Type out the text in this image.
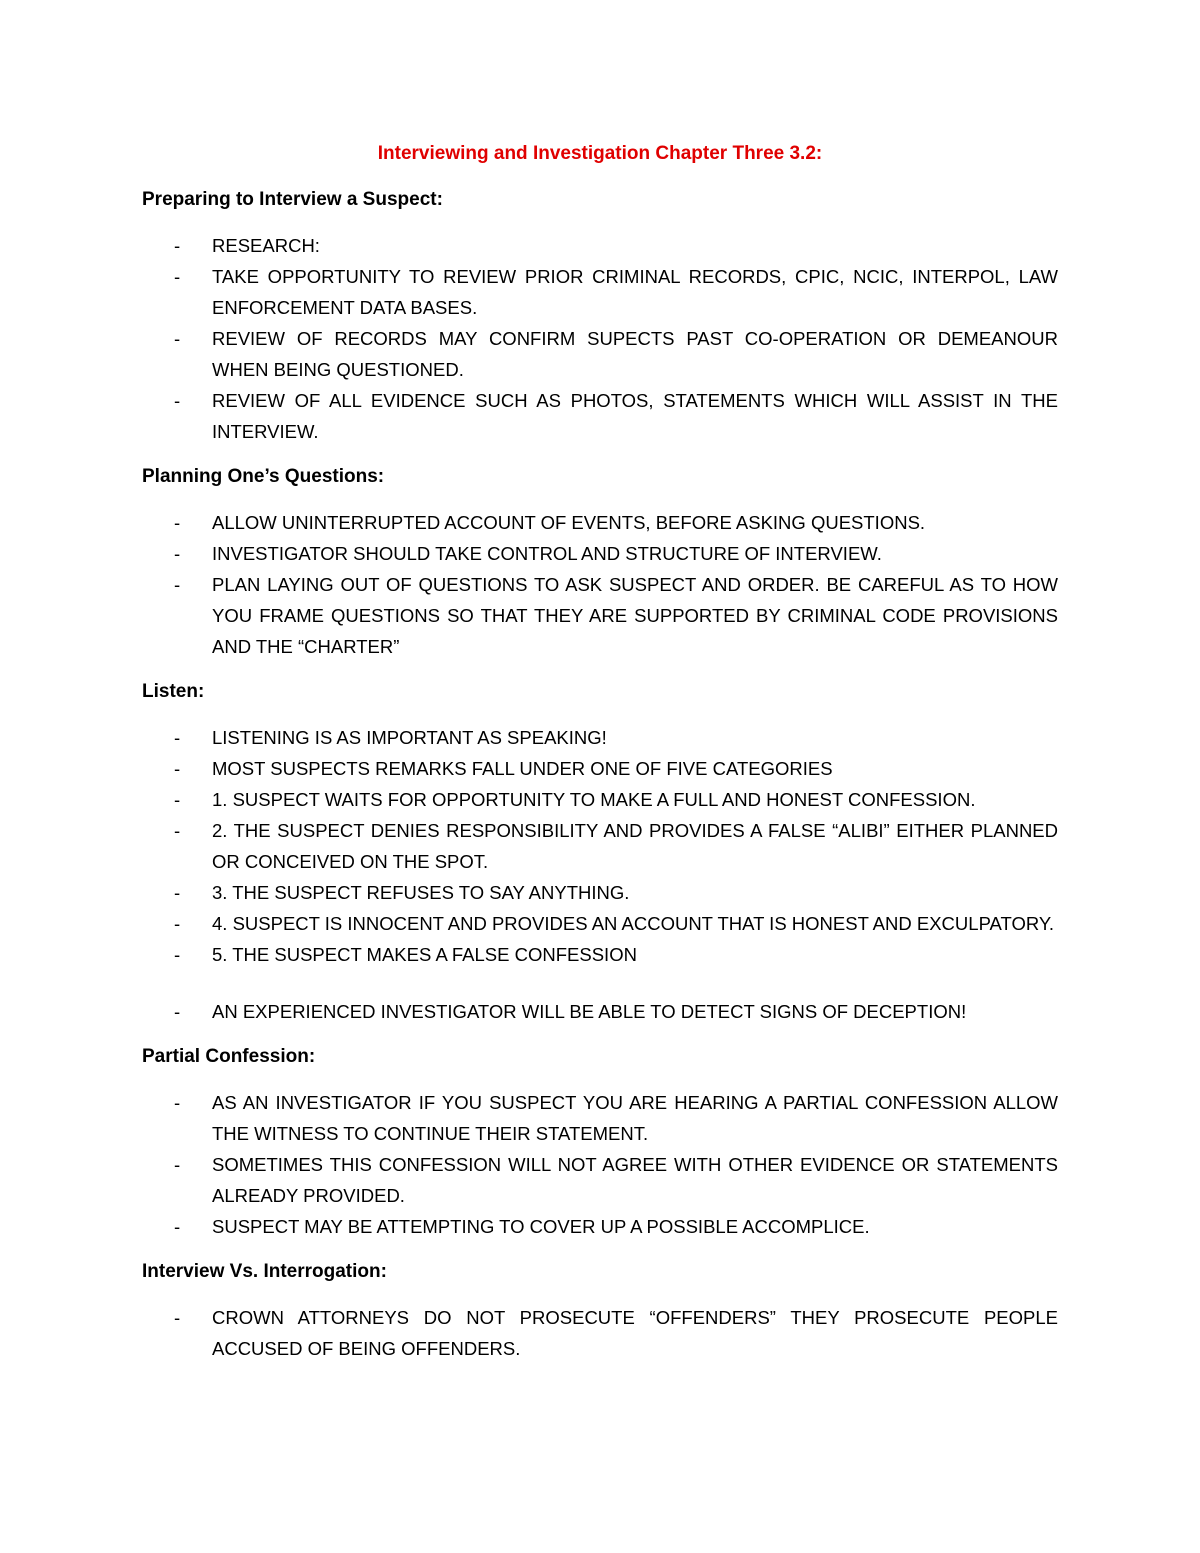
Interviewing and Investigation Chapter Three 3.2:
Preparing to Interview a Suspect:
- RESEARCH:
- TAKE OPPORTUNITY TO REVIEW PRIOR CRIMINAL RECORDS, CPIC, NCIC, INTERPOL, LAW ENFORCEMENT DATA BASES.
- REVIEW OF RECORDS MAY CONFIRM SUPECTS PAST CO-OPERATION OR DEMEANOUR WHEN BEING QUESTIONED.
- REVIEW OF ALL EVIDENCE SUCH AS PHOTOS, STATEMENTS WHICH WILL ASSIST IN THE INTERVIEW.
Planning One’s Questions:
- ALLOW UNINTERRUPTED ACCOUNT OF EVENTS, BEFORE ASKING QUESTIONS.
- INVESTIGATOR SHOULD TAKE CONTROL AND STRUCTURE OF INTERVIEW.
- PLAN LAYING OUT OF QUESTIONS TO ASK SUSPECT AND ORDER. BE CAREFUL AS TO HOW YOU FRAME QUESTIONS SO THAT THEY ARE SUPPORTED BY CRIMINAL CODE PROVISIONS AND THE “CHARTER”
Listen:
- LISTENING IS AS IMPORTANT AS SPEAKING!
- MOST SUSPECTS REMARKS FALL UNDER ONE OF FIVE CATEGORIES
- 1. SUSPECT WAITS FOR OPPORTUNITY TO MAKE A FULL AND HONEST CONFESSION.
- 2. THE SUSPECT DENIES RESPONSIBILITY AND PROVIDES A FALSE “ALIBI” EITHER PLANNED OR CONCEIVED ON THE SPOT.
- 3. THE SUSPECT REFUSES TO SAY ANYTHING.
- 4. SUSPECT IS INNOCENT AND PROVIDES AN ACCOUNT THAT IS HONEST AND EXCULPATORY.
- 5. THE SUSPECT MAKES A FALSE CONFESSION
- AN EXPERIENCED INVESTIGATOR WILL BE ABLE TO DETECT SIGNS OF DECEPTION!
Partial Confession:
- AS AN INVESTIGATOR IF YOU SUSPECT YOU ARE HEARING A PARTIAL CONFESSION ALLOW THE WITNESS TO CONTINUE THEIR STATEMENT.
- SOMETIMES THIS CONFESSION WILL NOT AGREE WITH OTHER EVIDENCE OR STATEMENTS ALREADY PROVIDED.
- SUSPECT MAY BE ATTEMPTING TO COVER UP A POSSIBLE ACCOMPLICE.
Interview Vs. Interrogation:
- CROWN ATTORNEYS DO NOT PROSECUTE “OFFENDERS” THEY PROSECUTE PEOPLE ACCUSED OF BEING OFFENDERS.
